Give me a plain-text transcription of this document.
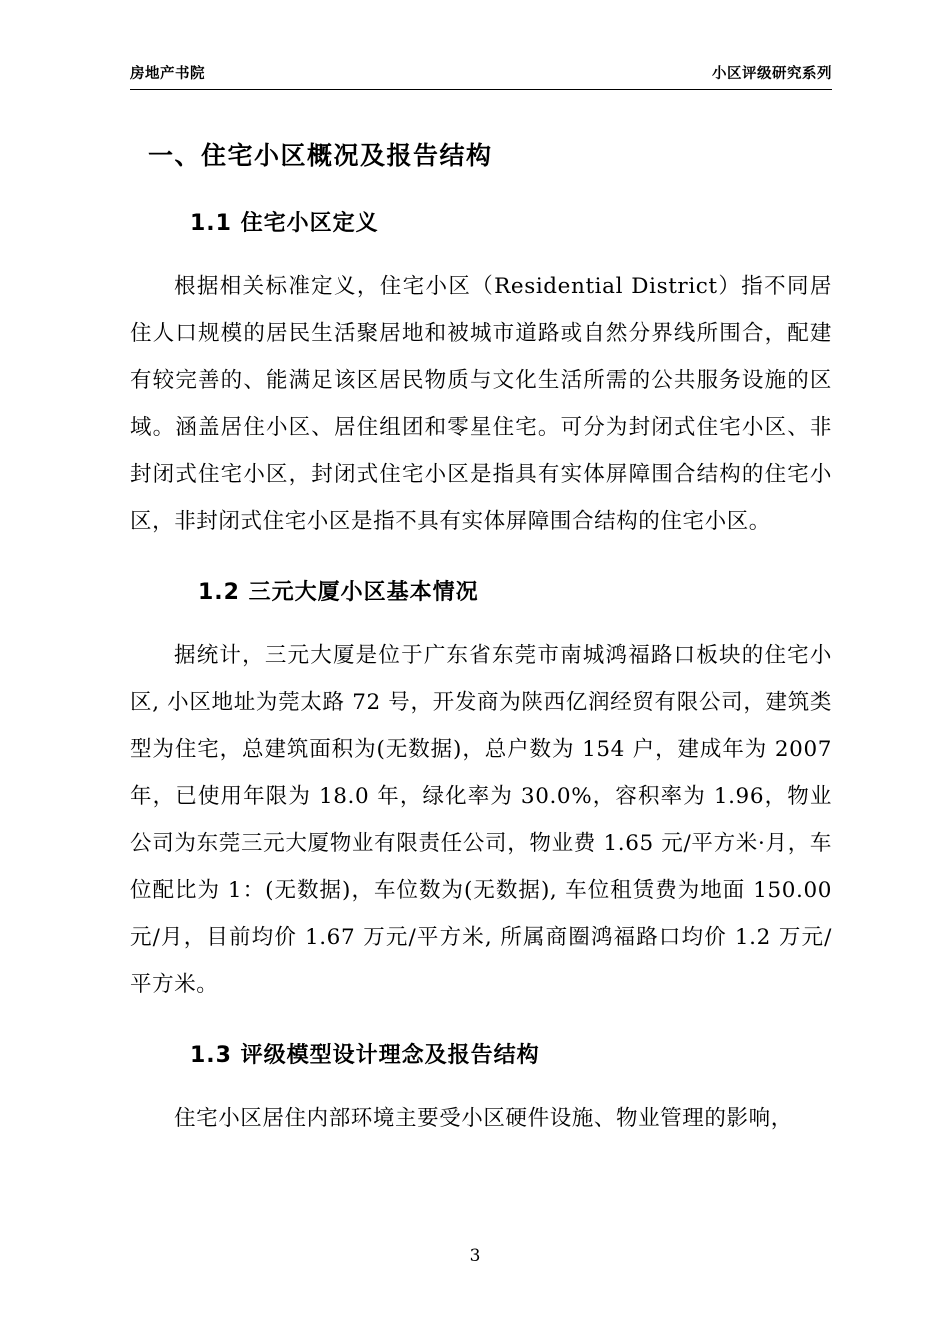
房地产书院	小区评级研究系列
一、住宅小区概况及报告结构
1.1 住宅小区定义

根据相关标准定义，住宅小区（Residential District）指不同居住人口规模的居民生活聚居地和被城市道路或自然分界线所围合，配建有较完善的、能满足该区居民物质与文化生活所需的公共服务设施的区域。涵盖居住小区、居住组团和零星住宅。可分为封闭式住宅小区、非封闭式住宅小区，封闭式住宅小区是指具有实体屏障围合结构的住宅小区，非封闭式住宅小区是指不具有实体屏障围合结构的住宅小区。

1.2 三元大厦小区基本情况

据统计，三元大厦是位于广东省东莞市南城鸿福路口板块的住宅小区, 小区地址为莞太路 72 号，开发商为陕西亿润经贸有限公司，建筑类型为住宅，总建筑面积为(无数据)，总户数为 154 户，建成年为 2007 年，已使用年限为 18.0 年，绿化率为 30.0%，容积率为 1.96，物业公司为东莞三元大厦物业有限责任公司，物业费 1.65 元/平方米·月，车位配比为 1：(无数据)，车位数为(无数据), 车位租赁费为地面 150.00 元/月，目前均价 1.67 万元/平方米, 所属商圈鸿福路口均价 1.2 万元/平方米。

1.3 评级模型设计理念及报告结构

住宅小区居住内部环境主要受小区硬件设施、物业管理的影响，

3
